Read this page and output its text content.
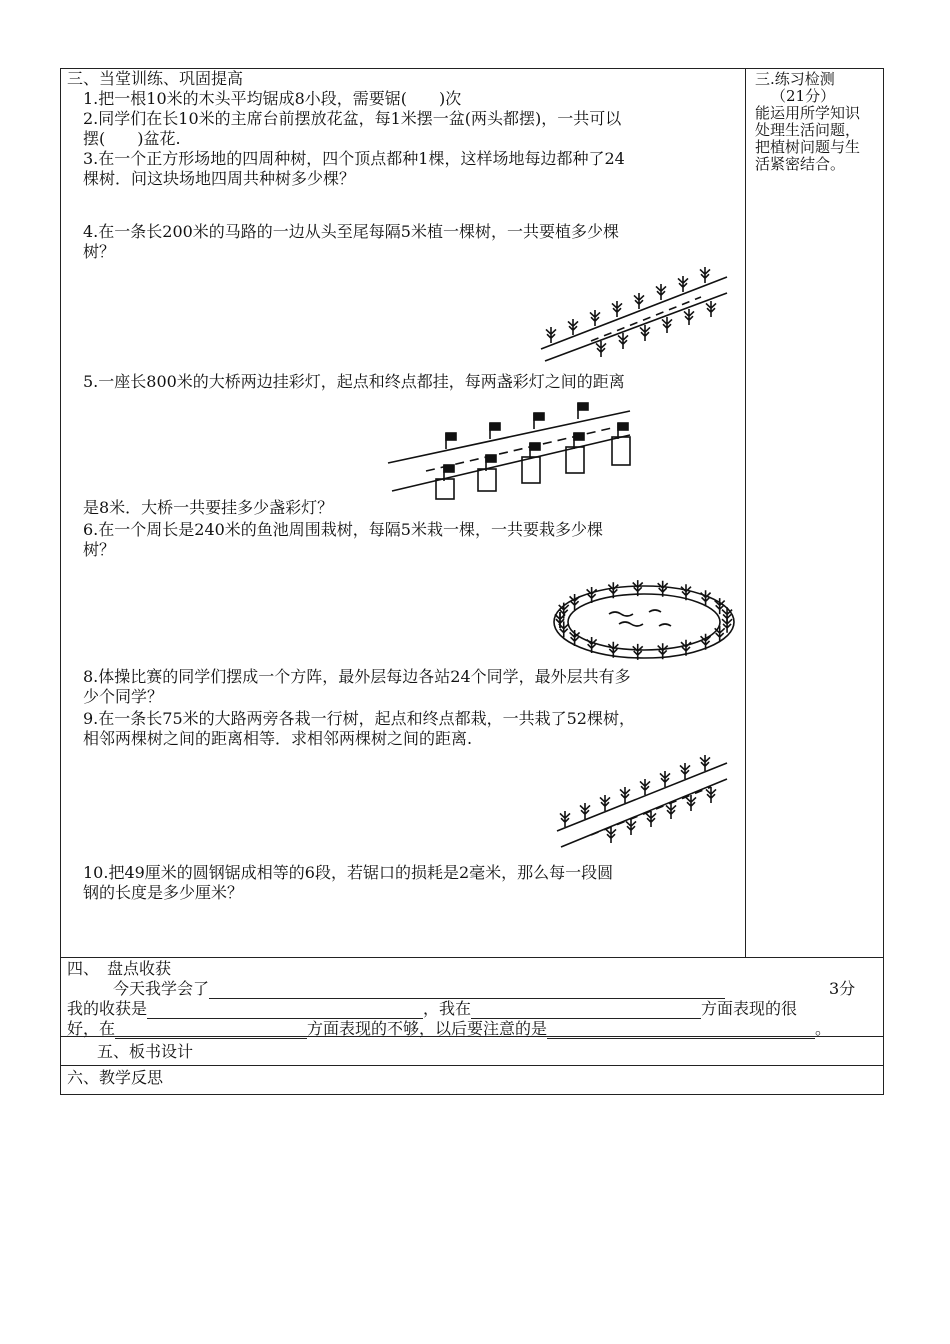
三、当堂训练、巩固提高
1.把一根10米的木头平均锯成8小段，需要锯(　　)次
2.同学们在长10米的主席台前摆放花盆，每1米摆一盆(两头都摆)，一共可以
摆(　　)盆花.
3.在一个正方形场地的四周种树，四个顶点都种1棵，这样场地每边都种了24
棵树．问这块场地四周共种树多少棵？
4.在一条长200米的马路的一边从头至尾每隔5米植一棵树，一共要植多少棵
树？
5.一座长800米的大桥两边挂彩灯，起点和终点都挂，每两盏彩灯之间的距离
是8米．大桥一共要挂多少盏彩灯？
6.在一个周长是240米的鱼池周围栽树，每隔5米栽一棵，一共要栽多少棵
树？
8.体操比赛的同学们摆成一个方阵，最外层每边各站24个同学，最外层共有多
少个同学？
9.在一条长75米的大路两旁各栽一行树，起点和终点都栽，一共栽了52棵树，
相邻两棵树之间的距离相等．求相邻两棵树之间的距离.
10.把49厘米的圆钢锯成相等的6段，若锯口的损耗是2毫米，那么每一段圆
钢的长度是多少厘米？
三.练习检测
（21分）
能运用所学知识
处理生活问题，
把植树问题与生
活紧密结合。
四、　盘点收获
今天我学会了	3分
我的收获是	，我在	方面表现的很
好，在	方面表现的不够，以后要注意的是	。
五、板书设计
六、教学反思
